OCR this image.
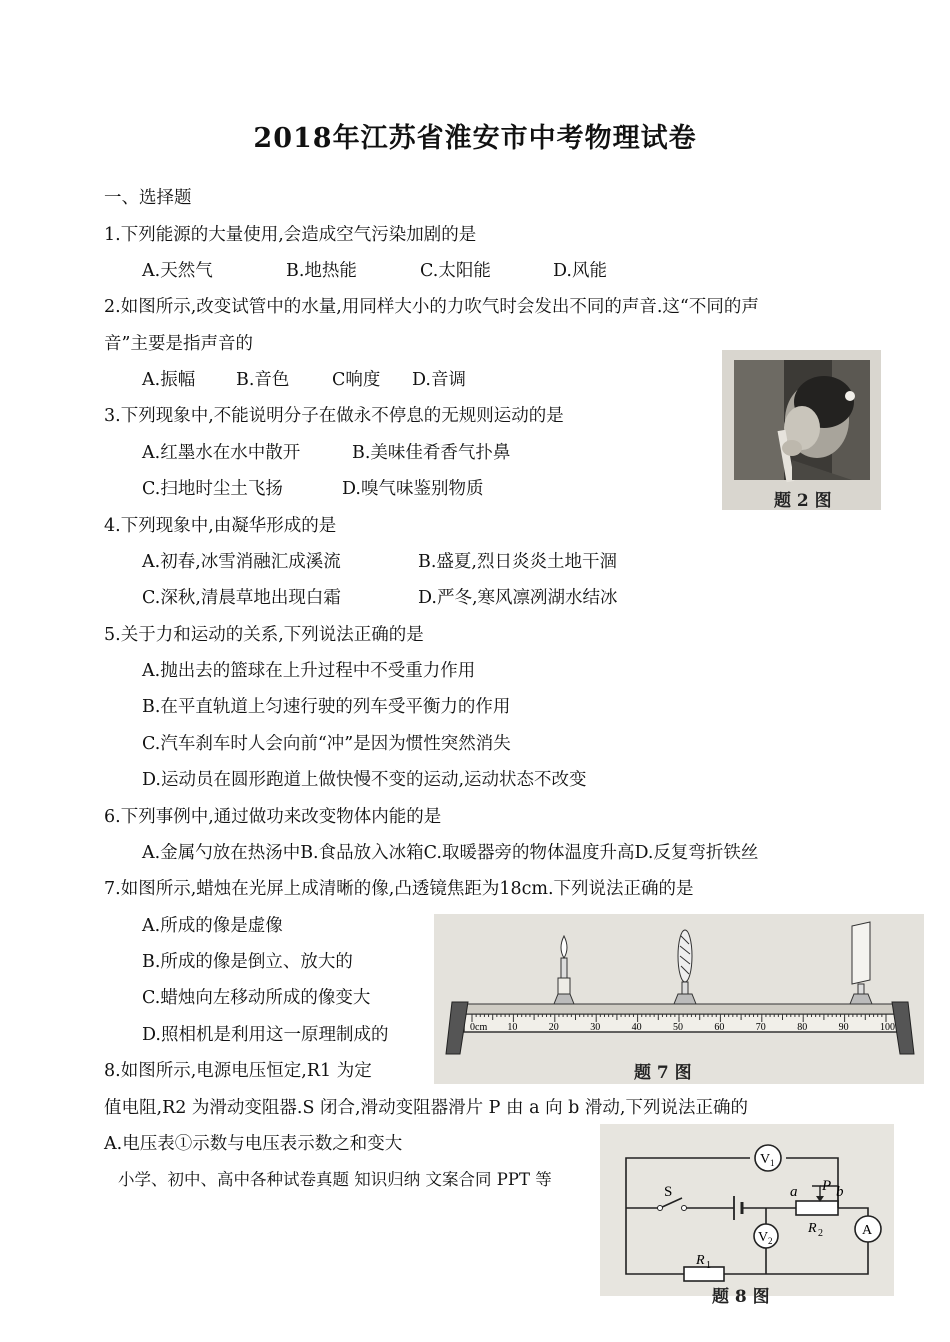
2018年江苏省淮安市中考物理试卷
一、选择题
1.下列能源的大量使用,会造成空气污染加剧的是
A.天然气	B.地热能	C.太阳能	D.风能
2.如图所示,改变试管中的水量,用同样大小的力吹气时会发出不同的声音.这“不同的声
音”主要是指声音的
A.振幅 B.音色 C响度 D.音调
题 2 图
3.下列现象中,不能说明分子在做永不停息的无规则运动的是
A.红墨水在水中散开	B.美味佳肴香气扑鼻
C.扫地时尘土飞扬	D.嗅气味鉴别物质
4.下列现象中,由凝华形成的是
A.初春,冰雪消融汇成溪流	B.盛夏,烈日炎炎土地干涸
C.深秋,清晨草地出现白霜	D.严冬,寒风凛冽湖水结冰
5.关于力和运动的关系,下列说法正确的是
A.抛出去的篮球在上升过程中不受重力作用
B.在平直轨道上匀速行驶的列车受平衡力的作用
C.汽车刹车时人会向前“冲”是因为惯性突然消失
D.运动员在圆形跑道上做快慢不变的运动,运动状态不改变
6.下列事例中,通过做功来改变物体内能的是
A.金属勺放在热汤中B.食品放入冰箱C.取暖器旁的物体温度升高D.反复弯折铁丝
7.如图所示,蜡烛在光屏上成清晰的像,凸透镜焦距为18cm.下列说法正确的是
A.所成的像是虚像
B.所成的像是倒立、放大的
C.蜡烛向左移动所成的像变大
D.照相机是利用这一原理制成的	0cm 10	20	30	40	50	60	70	80	90	100
题 7 图
8.如图所示,电源电压恒定,R1 为定
值电阻,R2 为滑动变阻器.S 闭合,滑动变阻器滑片 P 由 a 向 b 滑动,下列说法正确的
A.电压表①示数与电压表示数之和变大
小学、初中、高中各种试卷真题 知识归纳 文案合同 PPT 等
S	a P b
R 2
R 1
V 1
V 2
A
题 8 图
